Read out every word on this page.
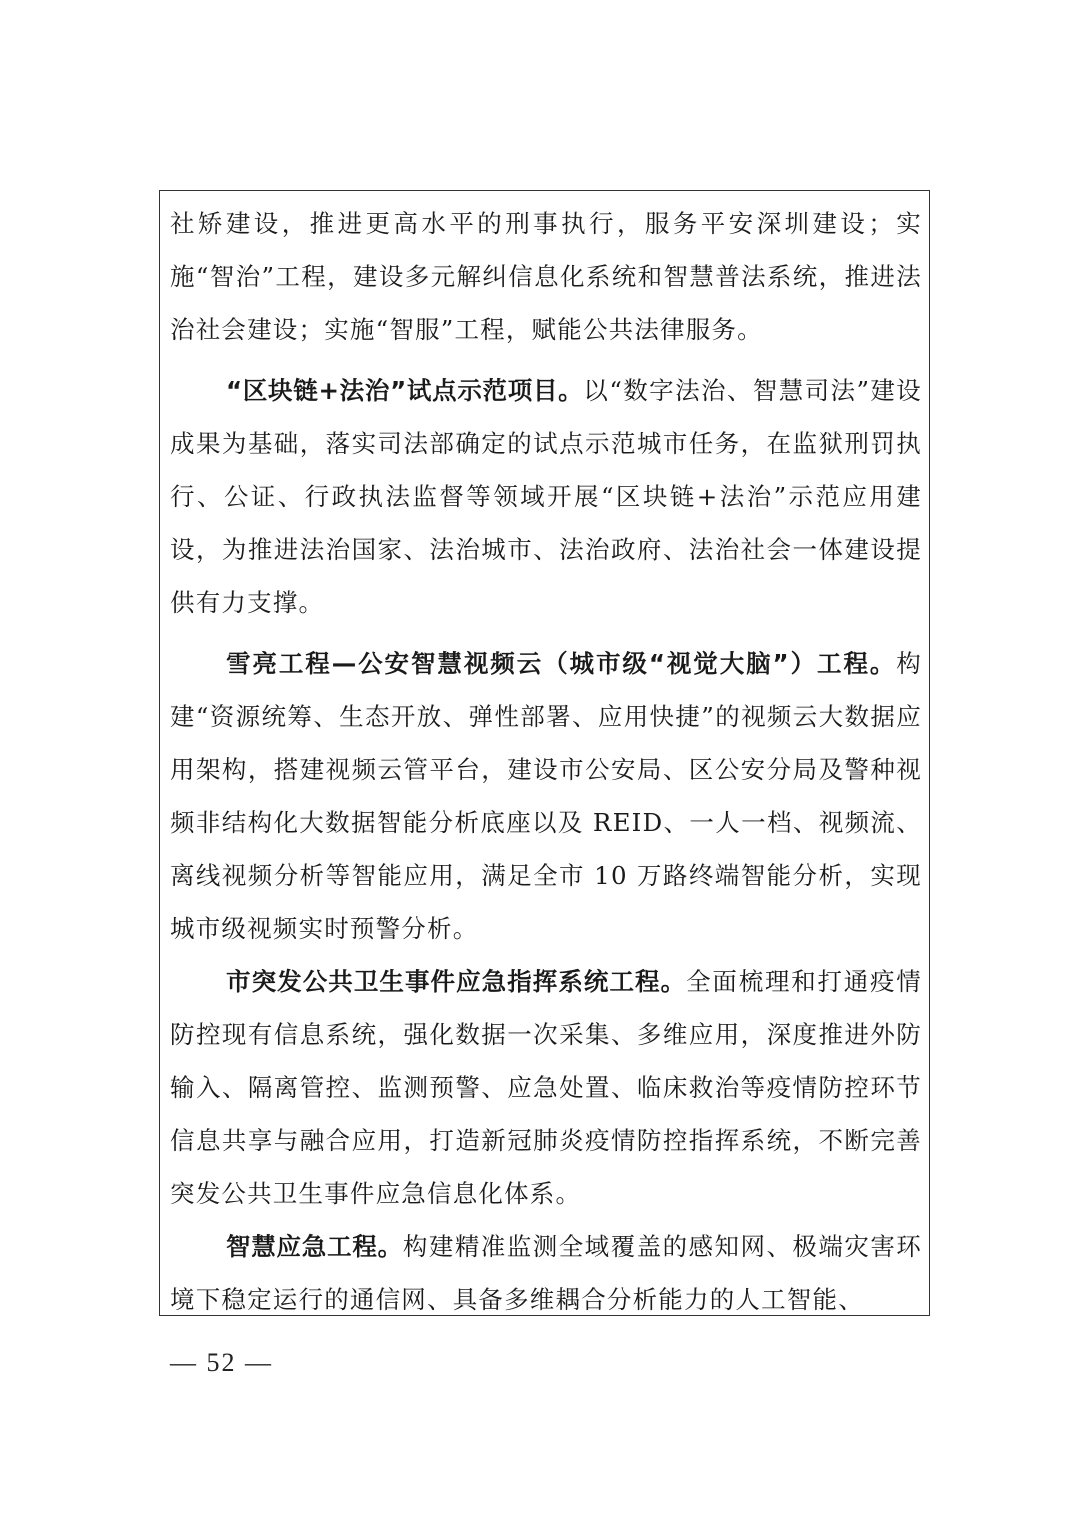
社矫建设，推进更高水平的刑事执行，服务平安深圳建设；实施“智治”工程，建设多元解纠信息化系统和智慧普法系统，推进法治社会建设；实施“智服”工程，赋能公共法律服务。

“区块链+法治”试点示范项目。以“数字法治、智慧司法”建设成果为基础，落实司法部确定的试点示范城市任务，在监狱刑罚执行、公证、行政执法监督等领域开展“区块链+法治”示范应用建设，为推进法治国家、法治城市、法治政府、法治社会一体建设提供有力支撑。

雪亮工程—公安智慧视频云（城市级“视觉大脑”）工程。构建“资源统筹、生态开放、弹性部署、应用快捷”的视频云大数据应用架构，搭建视频云管平台，建设市公安局、区公安分局及警种视频非结构化大数据智能分析底座以及 REID、一人一档、视频流、离线视频分析等智能应用，满足全市 10 万路终端智能分析，实现城市级视频实时预警分析。

市突发公共卫生事件应急指挥系统工程。全面梳理和打通疫情防控现有信息系统，强化数据一次采集、多维应用，深度推进外防输入、隔离管控、监测预警、应急处置、临床救治等疫情防控环节信息共享与融合应用，打造新冠肺炎疫情防控指挥系统，不断完善突发公共卫生事件应急信息化体系。

智慧应急工程。构建精准监测全域覆盖的感知网、极端灾害环境下稳定运行的通信网、具备多维耦合分析能力的人工智能、

— 52 —
